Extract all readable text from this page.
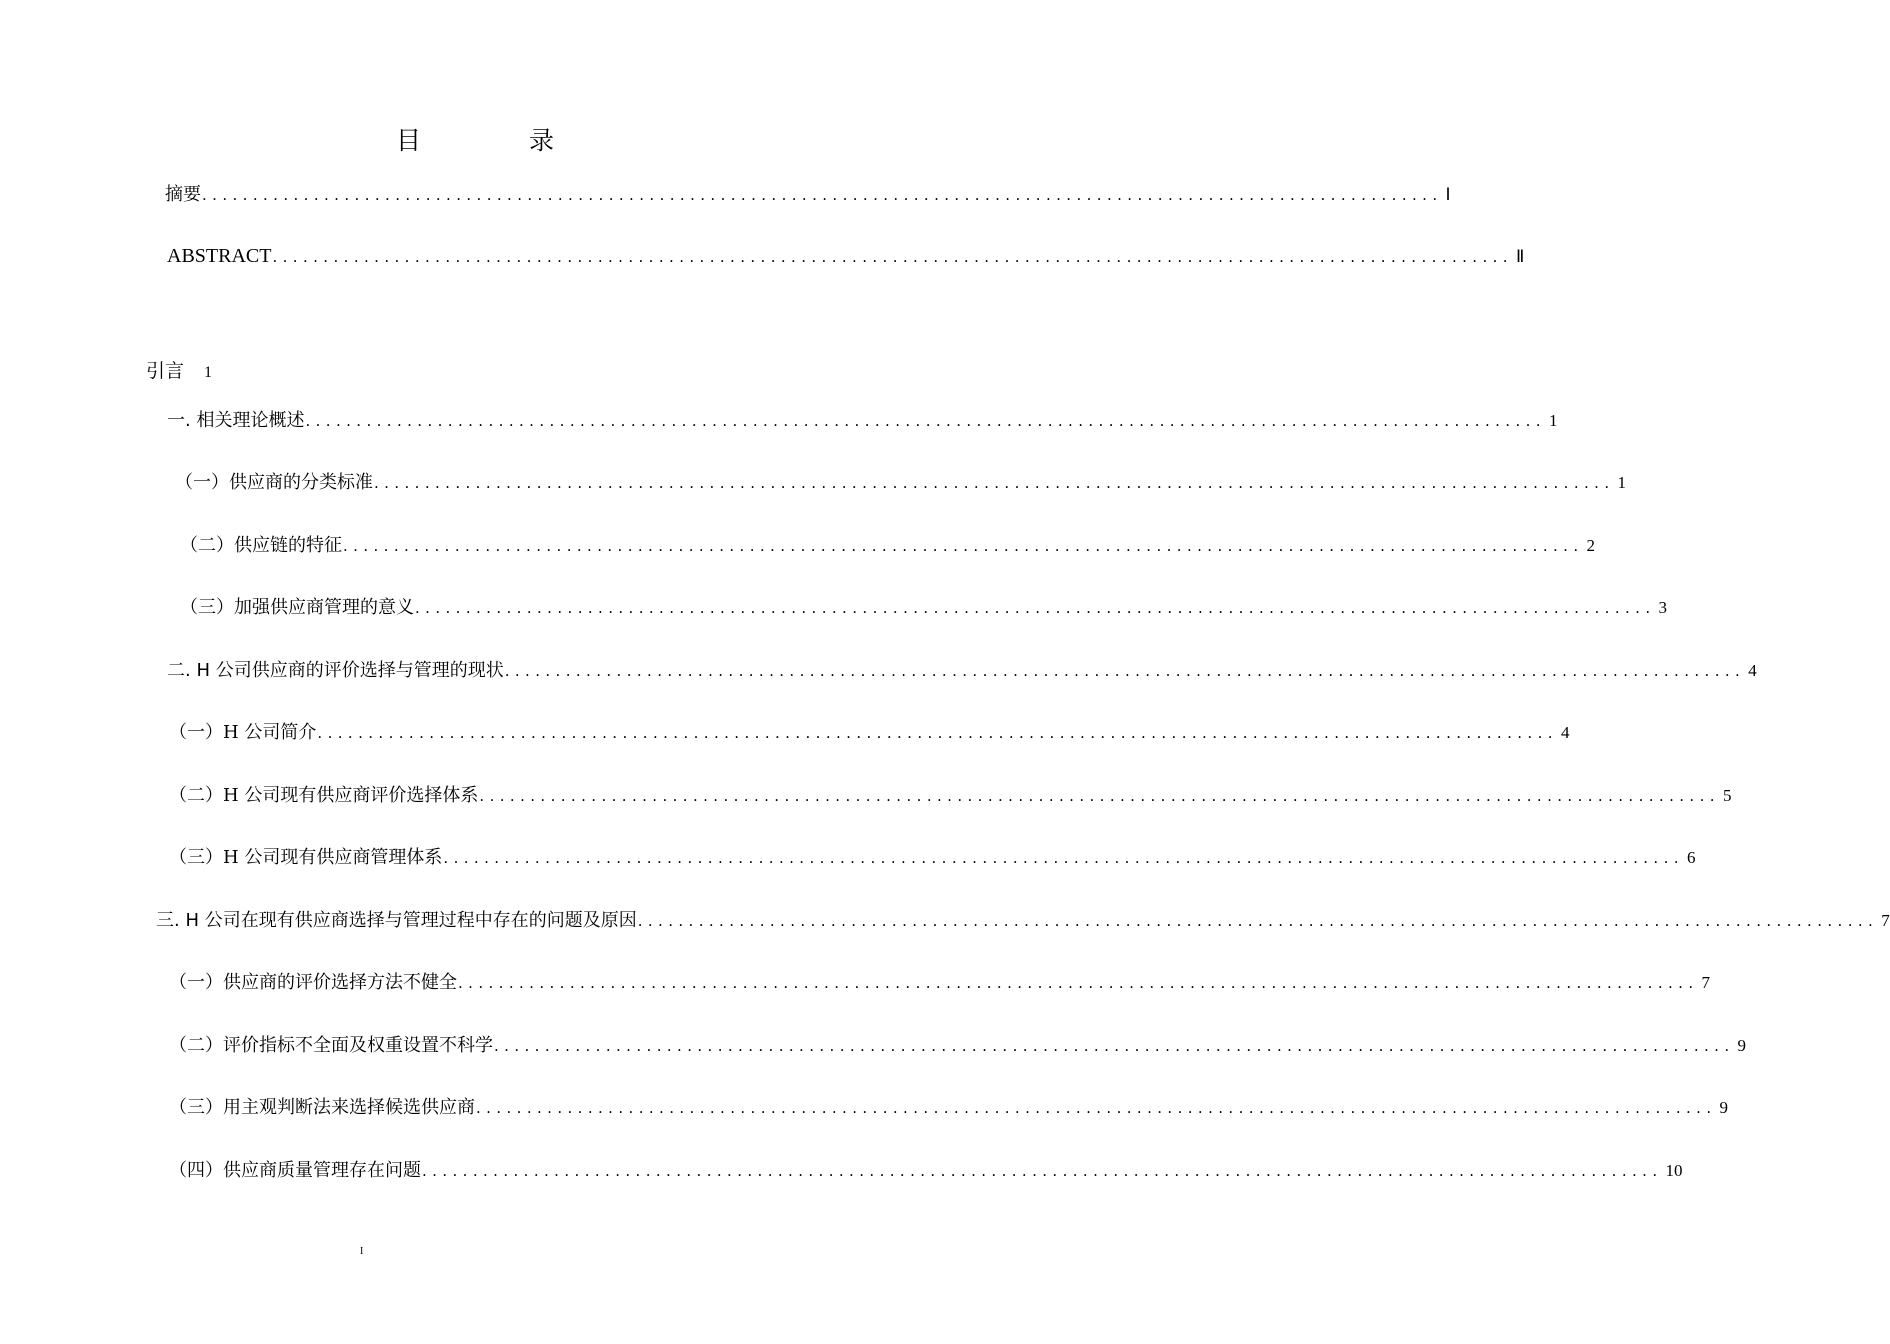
目 录
摘要 .......................................................................................................................... Ⅰ
ABSTRACT .......................................................................................................................... Ⅱ
引言 1
一. 相关理论概述 .......................................................................................................................... 1
（一）供应商的分类标准 .......................................................................................................................... 1
（二）供应链的特征 .......................................................................................................................... 2
（三）加强供应商管理的意义 .......................................................................................................................... 3
二. H 公司供应商的评价选择与管理的现状 .......................................................................................................................... 4
（一）H 公司简介 .......................................................................................................................... 4
（二）H 公司现有供应商评价选择体系 .......................................................................................................................... 5
（三）H 公司现有供应商管理体系 .......................................................................................................................... 6
三. H 公司在现有供应商选择与管理过程中存在的问题及原因 .......................................................................................................................... 7
（一）供应商的评价选择方法不健全 .......................................................................................................................... 7
（二）评价指标不全面及权重设置不科学 .......................................................................................................................... 9
（三）用主观判断法来选择候选供应商 .......................................................................................................................... 9
（四）供应商质量管理存在问题 .......................................................................................................................... 10
I
